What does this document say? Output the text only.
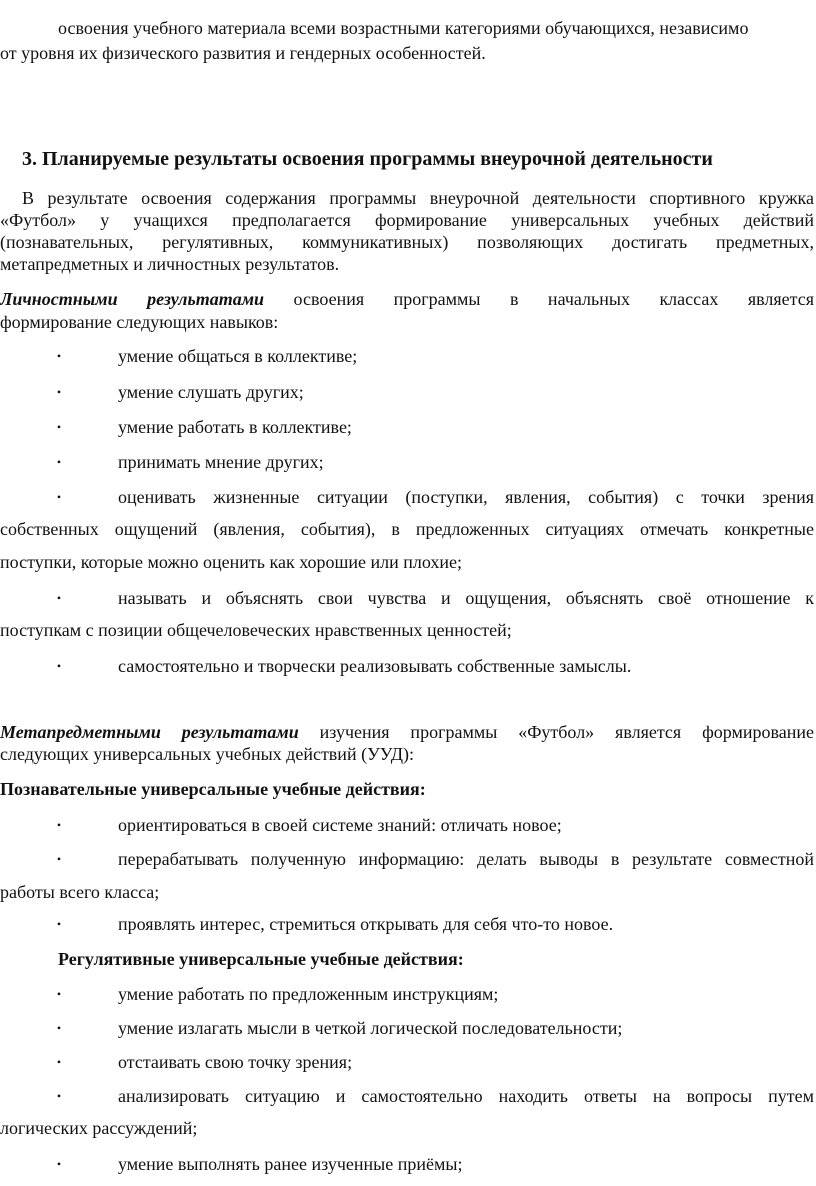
освоения учебного материала всеми возрастными категориями обучающихся, независимо
от уровня их физического развития и гендерных особенностей.
3. Планируемые результаты освоения программы внеурочной деятельности
В результате освоения содержания программы внеурочной деятельности спортивного кружка
«Футбол» у учащихся предполагается формирование универсальных учебных действий
(познавательных, регулятивных, коммуникативных) позволяющих достигать предметных,
метапредметных и личностных результатов.
Личностными результатами освоения программы в начальных классах является
формирование следующих навыков:
•	умение общаться в коллективе;
•	умение слушать других;
•	умение работать в коллективе;
•	принимать мнение других;
•	оценивать жизненные ситуации (поступки, явления, события) с точки зрения
собственных ощущений (явления, события), в предложенных ситуациях отмечать конкретные
поступки, которые можно оценить как хорошие или плохие;
•	называть и объяснять свои чувства и ощущения, объяснять своё отношение к
поступкам с позиции общечеловеческих нравственных ценностей;
•	самостоятельно и творчески реализовывать собственные замыслы.
Метапредметными результатами изучения программы «Футбол» является формирование
следующих универсальных учебных действий (УУД):
Познавательные универсальные учебные действия:
•	ориентироваться в своей системе знаний: отличать новое;
•	перерабатывать полученную информацию: делать выводы в результате совместной
работы всего класса;
•	проявлять интерес, стремиться открывать для себя что-то новое.
Регулятивные универсальные учебные действия:
•	умение работать по предложенным инструкциям;
•	умение излагать мысли в четкой логической последовательности;
•	отстаивать свою точку зрения;
•	анализировать ситуацию и самостоятельно находить ответы на вопросы путем
логических рассуждений;
•	умение выполнять ранее изученные приёмы;
